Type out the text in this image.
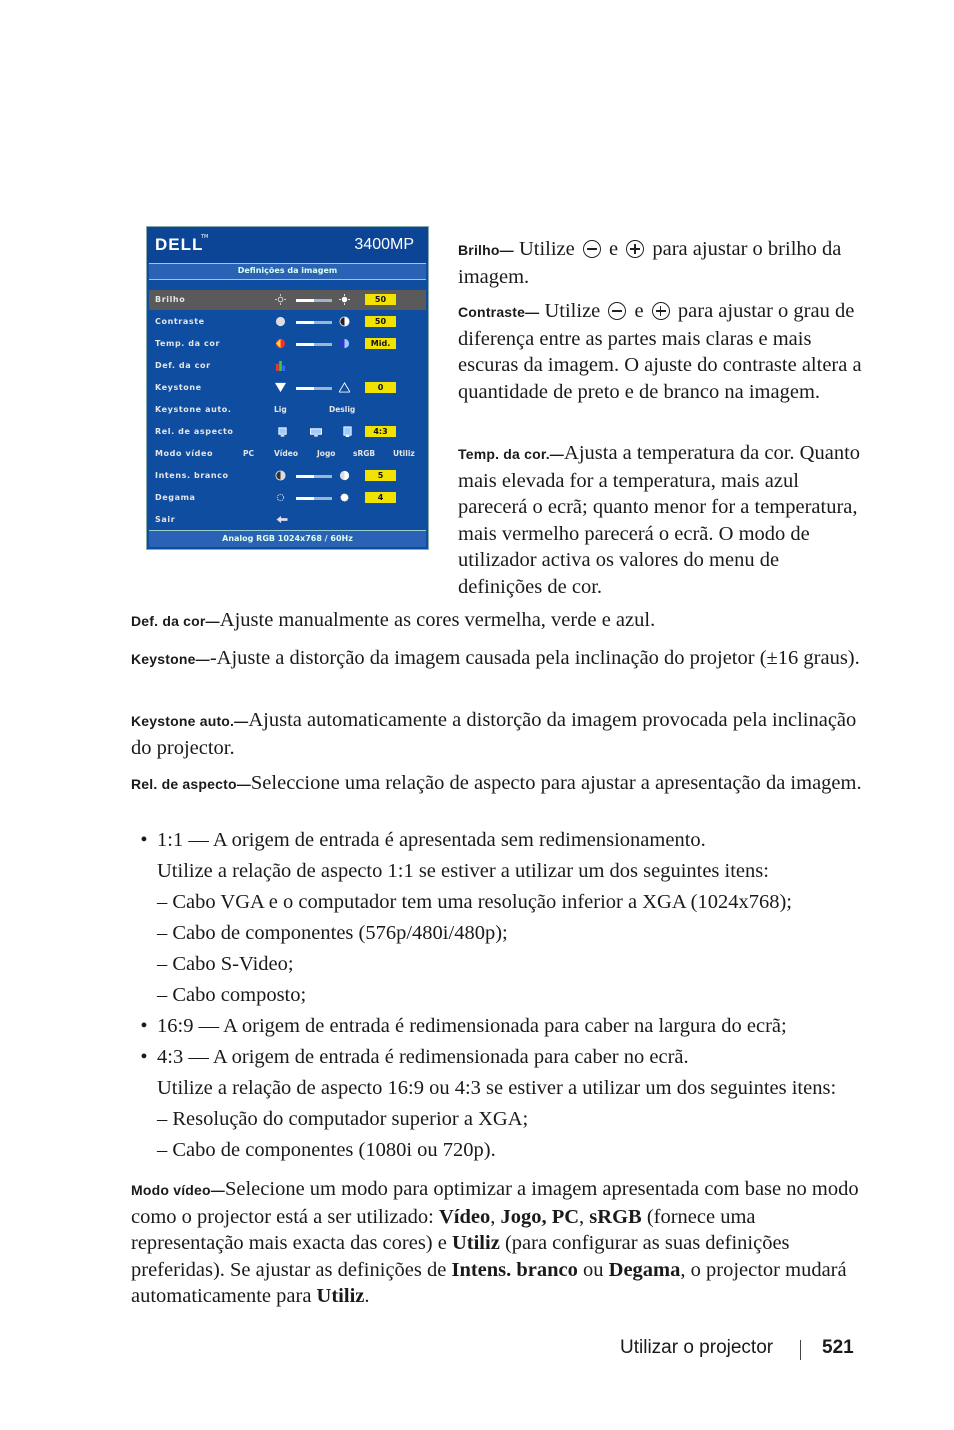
DELL
TM	3400MP
Definições da imagem
Brilho	50
Contraste	50
Temp. da cor	Mid.
Def. da cor
Keystone	0
Keystone auto.	Lig	Deslig
Rel. de aspecto	4:3
Modo vídeo	PC	Vídeo	Jogo sRGB Utiliz
Intens. branco	5
Degama	4
Sair
Analog RGB 1024x768 / 60Hz

Brilho— Utilize e para ajustar o brilho da imagem.

Contraste— Utilize e para ajustar o grau de diferença entre as partes mais claras e mais escuras da imagem. O ajuste do contraste altera a quantidade de preto e de branco na imagem.

Temp. da cor.—Ajusta a temperatura da cor. Quanto mais elevada for a temperatura, mais azul parecerá o ecrã; quanto menor for a temperatura, mais vermelho parecerá o ecrã. O modo de utilizador activa os valores do menu de definições de cor.

Def. da cor—Ajuste manualmente as cores vermelha, verde e azul.

Keystone—-Ajuste a distorção da imagem causada pela inclinação do projetor (±16 graus).

Keystone auto.—Ajusta automaticamente a distorção da imagem provocada pela inclinação do projector.

Rel. de aspecto—Seleccione uma relação de aspecto para ajustar a apresentação da imagem.

• 1:1 — A origem de entrada é apresentada sem redimensionamento.
Utilize a relação de aspecto 1:1 se estiver a utilizar um dos seguintes itens:
– Cabo VGA e o computador tem uma resolução inferior a XGA (1024x768);
– Cabo de componentes (576p/480i/480p);
– Cabo S-Video;
– Cabo composto;
• 16:9 — A origem de entrada é redimensionada para caber na largura do ecrã;
• 4:3 — A origem de entrada é redimensionada para caber no ecrã.
Utilize a relação de aspecto 16:9 ou 4:3 se estiver a utilizar um dos seguintes itens:
– Resolução do computador superior a XGA;
– Cabo de componentes (1080i ou 720p).

Modo vídeo—Selecione um modo para optimizar a imagem apresentada com base no modo como o projector está a ser utilizado: Vídeo, Jogo, PC, sRGB (fornece uma representação mais exacta das cores) e Utiliz (para configurar as suas definições preferidas). Se ajustar as definições de Intens. branco ou Degama, o projector mudará automaticamente para Utiliz.

Utilizar o projector	521
